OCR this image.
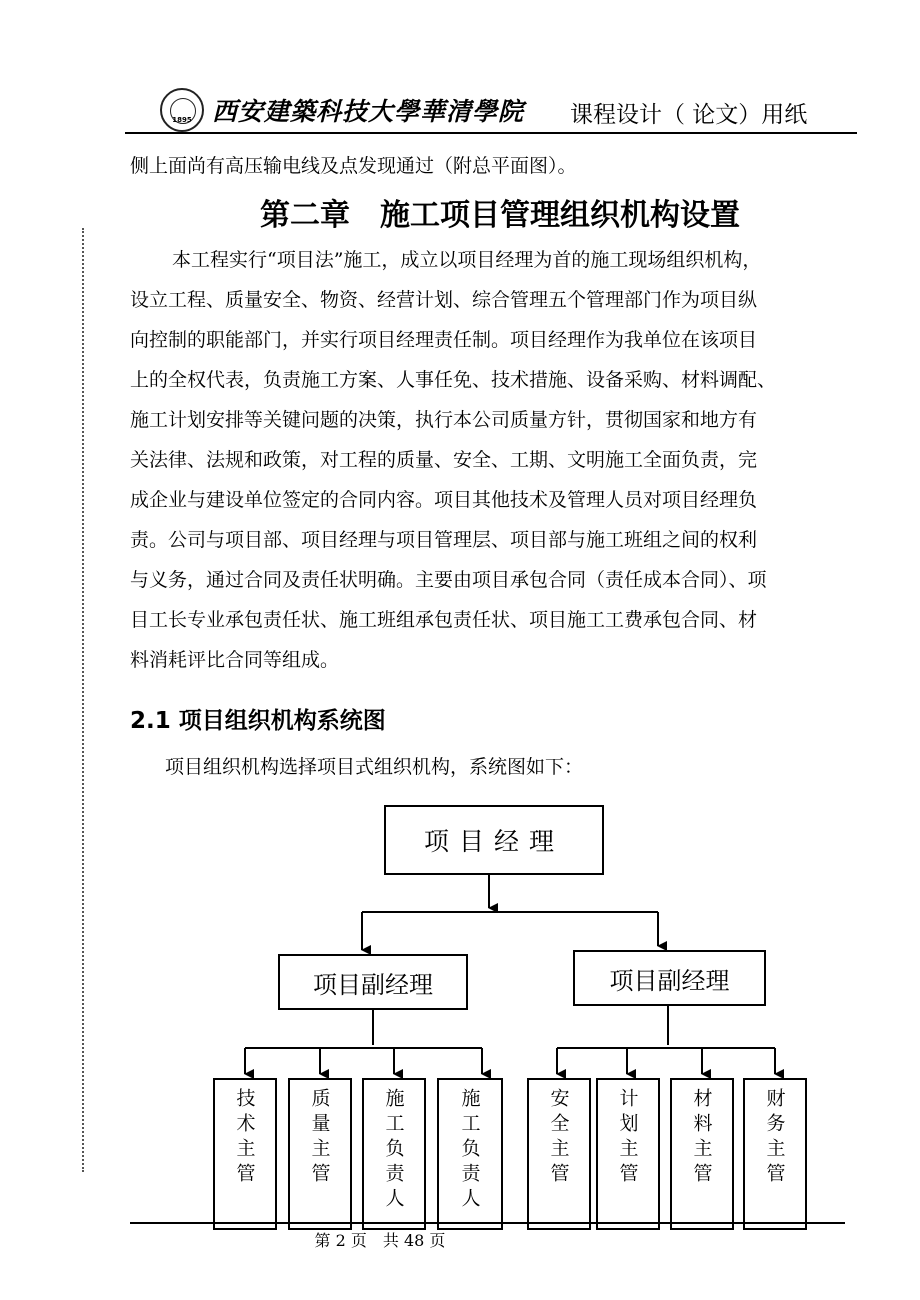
1895 西安建築科技大學華清學院 课程设计（ 论文）用纸
侧上面尚有高压输电线及点发现通过（附总平面图）。
第二章　施工项目管理组织机构设置
本工程实行“项目法”施工，成立以项目经理为首的施工现场组织机构，
设立工程、质量安全、物资、经营计划、综合管理五个管理部门作为项目纵
向控制的职能部门，并实行项目经理责任制。项目经理作为我单位在该项目
上的全权代表，负责施工方案、人事任免、技术措施、设备采购、材料调配、
施工计划安排等关键问题的决策，执行本公司质量方针，贯彻国家和地方有
关法律、法规和政策，对工程的质量、安全、工期、文明施工全面负责，完
成企业与建设单位签定的合同内容。项目其他技术及管理人员对项目经理负
责。公司与项目部、项目经理与项目管理层、项目部与施工班组之间的权利
与义务，通过合同及责任状明确。主要由项目承包合同（责任成本合同）、项
目工长专业承包责任状、施工班组承包责任状、项目施工工费承包合同、材
料消耗评比合同等组成。
2.1 项目组织机构系统图
项目组织机构选择项目式组织机构，系统图如下：
项目经理
项目副经理	项目副经理
技术主管	质量主管	施工负责人	施工负责人	安全主管 计划主管	材料主管	财务主管
第 2 页　共 48 页
